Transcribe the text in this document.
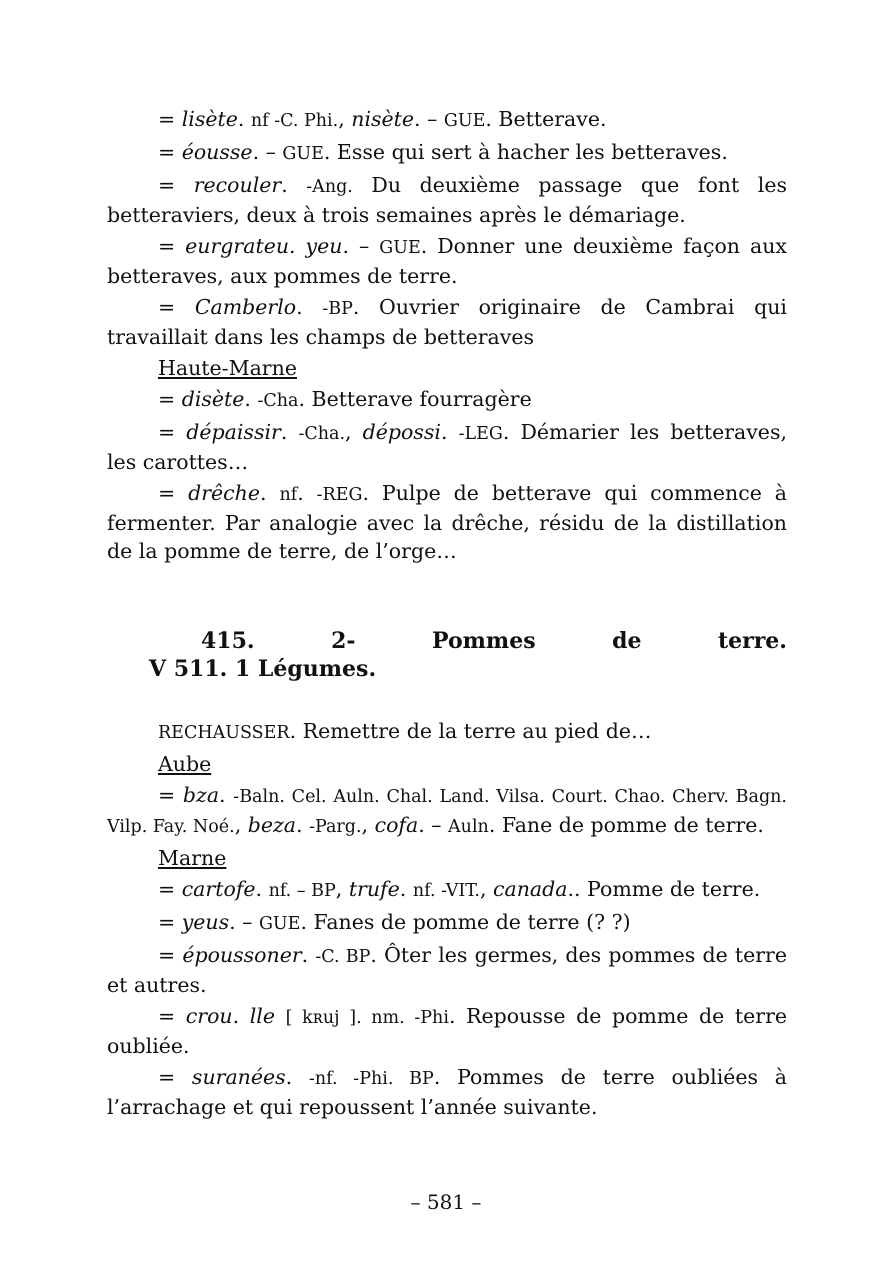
= lisète. nf -C. Phi., nisète. – GUE. Betterave.

= éousse. – GUE. Esse qui sert à hacher les betteraves.

= recouler. -Ang. Du deuxième passage que font les betteraviers, deux à trois semaines après le démariage.

= eurgrateu. yeu. – GUE. Donner une deuxième façon aux betteraves, aux pommes de terre.

= Camberlo. -BP. Ouvrier originaire de Cambrai qui travaillait dans les champs de betteraves

Haute-Marne

= disète. -Cha. Betterave fourragère

= dépaissir. -Cha., dépossi. -LEG. Démarier les betteraves, les carottes…

= drêche. nf. -REG. Pulpe de betterave qui commence à fermenter. Par analogie avec la drêche, résidu de la distillation de la pomme de terre, de l’orge…

415.	2-	Pommes	de	terre.
V 511. 1 Légumes.

RECHAUSSER. Remettre de la terre au pied de…

Aube

= bza. -Baln. Cel. Auln. Chal. Land. Vilsa. Court. Chao. Cherv. Bagn. Vilp. Fay. Noé., beza. -Parg., cofa. – Auln. Fane de pomme de terre.

Marne

= cartofe. nf. – BP, trufe. nf. -VIT., canada.. Pomme de terre.

= yeus. – GUE. Fanes de pomme de terre (? ?)

= époussoner. -C. BP. Ôter les germes, des pommes de terre et autres.

= crou. lle [ kʀuj ]. nm. -Phi. Repousse de pomme de terre oubliée.

= suranées. -nf. -Phi. BP. Pommes de terre oubliées à l’arrachage et qui repoussent l’année suivante.

– 581 –
